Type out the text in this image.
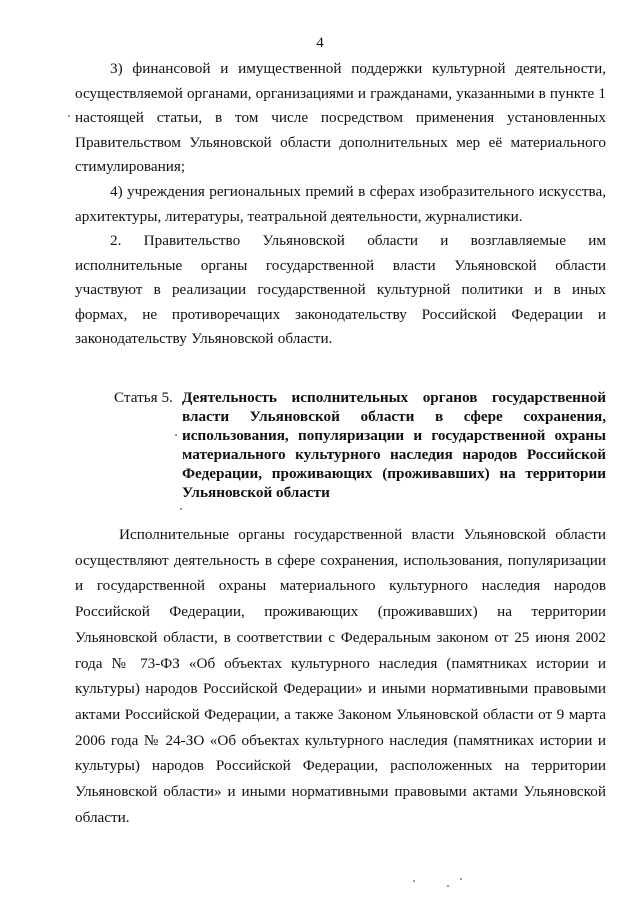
4

3) финансовой и имущественной поддержки культурной деятельности, осуществляемой органами, организациями и гражданами, указанными в пункте 1 настоящей статьи, в том числе посредством применения установленных Правительством Ульяновской области дополнительных мер её материального стимулирования;

4) учреждения региональных премий в сферах изобразительного искусства, архитектуры, литературы, театральной деятельности, журналистики.

2. Правительство Ульяновской области и возглавляемые им исполнительные органы государственной власти Ульяновской области участвуют в реализации государственной культурной политики и в иных формах, не противоречащих законодательству Российской Федерации и законодательству Ульяновской области.

Статья 5. Деятельность исполнительных органов государственной власти Ульяновской области в сфере сохранения, использования, популяризации и государственной охраны материального культурного наследия народов Российской Федерации, проживающих (проживавших) на территории Ульяновской области

Исполнительные органы государственной власти Ульяновской области осуществляют деятельность в сфере сохранения, использования, популяризации и государственной охраны материального культурного наследия народов Российской Федерации, проживающих (проживавших) на территории Ульяновской области, в соответствии с Федеральным законом от 25 июня 2002 года № 73-ФЗ «Об объектах культурного наследия (памятниках истории и культуры) народов Российской Федерации» и иными нормативными правовыми актами Российской Федерации, а также Законом Ульяновской области от 9 марта 2006 года № 24-ЗО «Об объектах культурного наследия (памятниках истории и культуры) народов Российской Федерации, расположенных на территории Ульяновской области» и иными нормативными правовыми актами Ульяновской области.
